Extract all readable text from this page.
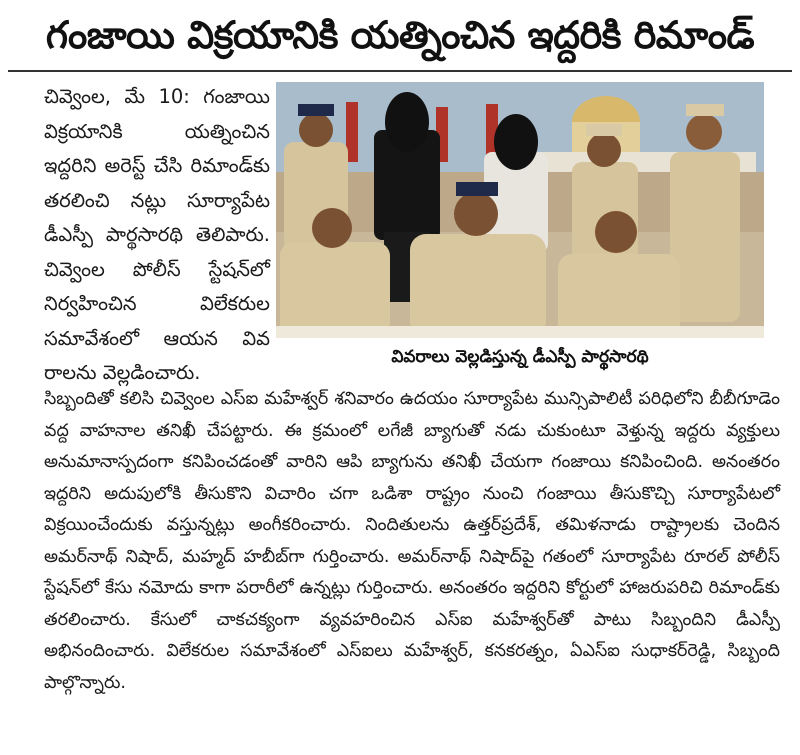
గంజాయి విక్రయానికి యత్నించిన ఇద్దరికి రిమాండ్

చివ్వెంల, మే 10: గంజాయి విక్రయానికి యత్నించిన ఇద్దరిని అరెస్ట్ చేసి రిమాండ్‌కు తరలించి నట్లు సూర్యాపేట డీఎస్పీ పార్థసారథి తెలిపారు. చివ్వెంల పోలీస్ స్టేషన్‌లో నిర్వహించిన విలేకరుల సమావేశంలో ఆయన వివ రాలను వెల్లడించారు.

వివరాలు వెల్లడిస్తున్న డీఎస్పీ పార్థసారథి

సిబ్బందితో కలిసి చివ్వెంల ఎస్ఐ మహేశ్వర్ శనివారం ఉదయం సూర్యాపేట మున్సిపాలిటీ పరిధిలోని బీబీగూడెం వద్ద వాహనాల తనిఖీ చేపట్టారు. ఈ క్రమంలో లగేజీ బ్యాగుతో నడు చుకుంటూ వెళ్తున్న ఇద్దరు వ్యక్తులు అనుమానాస్పదంగా కనిపించడంతో వారిని ఆపి బ్యాగును తనిఖీ చేయగా గంజాయి కనిపించింది. అనంతరం ఇద్దరిని అదుపులోకి తీసుకొని విచారిం చగా ఒడిశా రాష్ట్రం నుంచి గంజాయి తీసుకొచ్చి సూర్యాపేటలో విక్రయించేందుకు వస్తున్నట్లు అంగీకరించారు. నిందితులను ఉత్తర్‌ప్రదేశ్, తమిళనాడు రాష్ట్రాలకు చెందిన అమర్‌నాథ్ నిషాద్, మహ్మద్ హబీబ్‌గా గుర్తించారు. అమర్‌నాథ్ నిషాద్‌పై గతంలో సూర్యాపేట రూరల్ పోలీస్ స్టేషన్‌లో కేసు నమోదు కాగా పరారీలో ఉన్నట్లు గుర్తించారు. అనంతరం ఇద్దరిని కోర్టులో హాజరుపరిచి రిమాండ్‌కు తరలించారు. కేసులో చాకచక్యంగా వ్యవహరించిన ఎస్ఐ మహేశ్వర్‌తో పాటు సిబ్బందిని డీఎస్పీ అభినందించారు. విలేకరుల సమావేశంలో ఎస్ఐలు మహేశ్వర్, కనకరత్నం, ఏఎస్ఐ సుధాకర్‌రెడ్డి, సిబ్బంది పాల్గొన్నారు.
